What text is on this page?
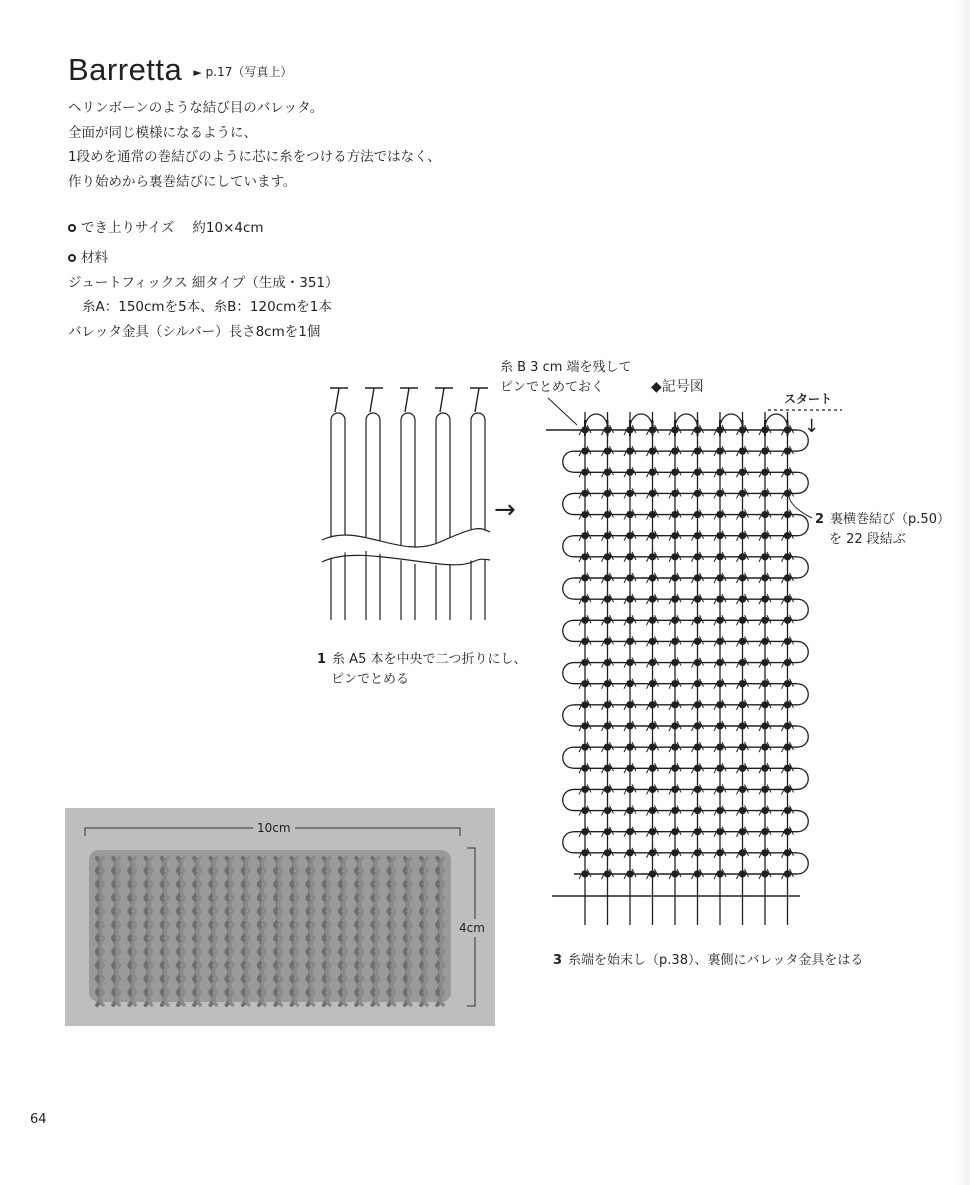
Barretta $^{► p.17(写真上)}$
ヘリンボーンのような結び目のバレッタ。
全面が同じ模様になるように、
1段めを通常の巻結びのように芯に糸をつける方法ではなく、
作り始めから裏巻結びにしています。
でき上りサイズ 約10×4cm
材料
ジュートフィックス 細タイプ（生成・351）
糸A：150cmを5本、糸B：120cmを1本
バレッタ金具（シルバー）長さ8cmを1個
糸 B 3 cm 端を残して
ピンでとめておく	◆記号図
スタート
↓
2 裏横巻結び（p.50）
を 22 段結ぶ
1 糸 A5 本を中央で二つ折りにし、
ピンでとめる
3 糸端を始末し（p.38）、裏側にバレッタ金具をはる
→
10cm
4cm
64
